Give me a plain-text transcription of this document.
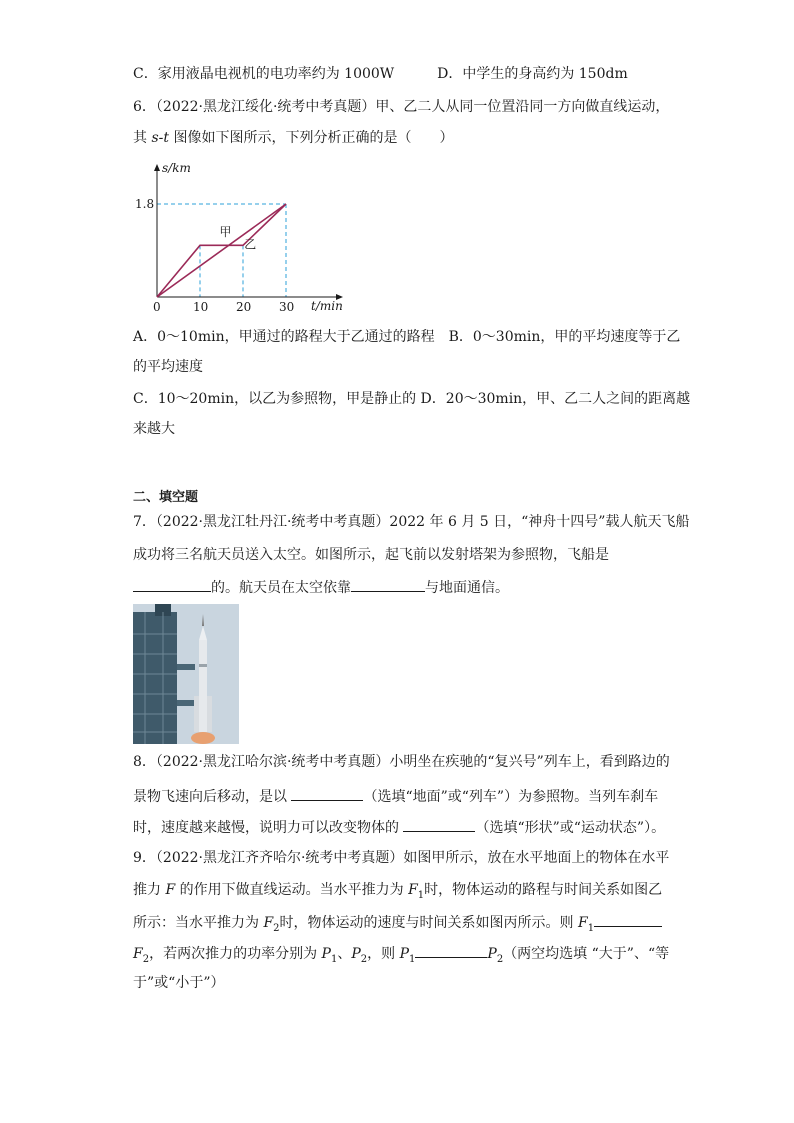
C．家用液晶电视机的电功率约为 1000W	D．中学生的身高约为 150dm
6．（2022·黑龙江绥化·统考中考真题）甲、乙二人从同一位置沿同一方向做直线运动，
其 s-t 图像如下图所示，下列分析正确的是（　　）
s/km
t/min
0	10 20 30
1.8
甲
乙
A．0～10min，甲通过的路程大于乙通过的路程　B．0～30min，甲的平均速度等于乙
的平均速度
C．10～20min，以乙为参照物，甲是静止的 D．20～30min，甲、乙二人之间的距离越
来越大
二、填空题
7．（2022·黑龙江牡丹江·统考中考真题）2022 年 6 月 5 日，“神舟十四号”载人航天飞船
成功将三名航天员送入太空。如图所示，起飞前以发射塔架为参照物，飞船是
的。航天员在太空依靠	与地面通信。
8．（2022·黑龙江哈尔滨·统考中考真题）小明坐在疾驰的“复兴号”列车上，看到路边的
景物飞速向后移动，是以	（选填“地面”或“列车”）为参照物。当列车刹车
时，速度越来越慢，说明力可以改变物体的	（选填“形状”或“运动状态”）。
9．（2022·黑龙江齐齐哈尔·统考中考真题）如图甲所示，放在水平地面上的物体在水平
推力 F 的作用下做直线运动。当水平推力为 $F_1$时，物体运动的路程与时间关系如图乙
所示：当水平推力为 $F_2$时，物体运动的速度与时间关系如图丙所示。则 $F_1$
$F_2$，若两次推力的功率分别为 $P_1$、$P_2$，则 $P_1$	$P_2$（两空均选填 “大于”、“等
于”或“小于”）
